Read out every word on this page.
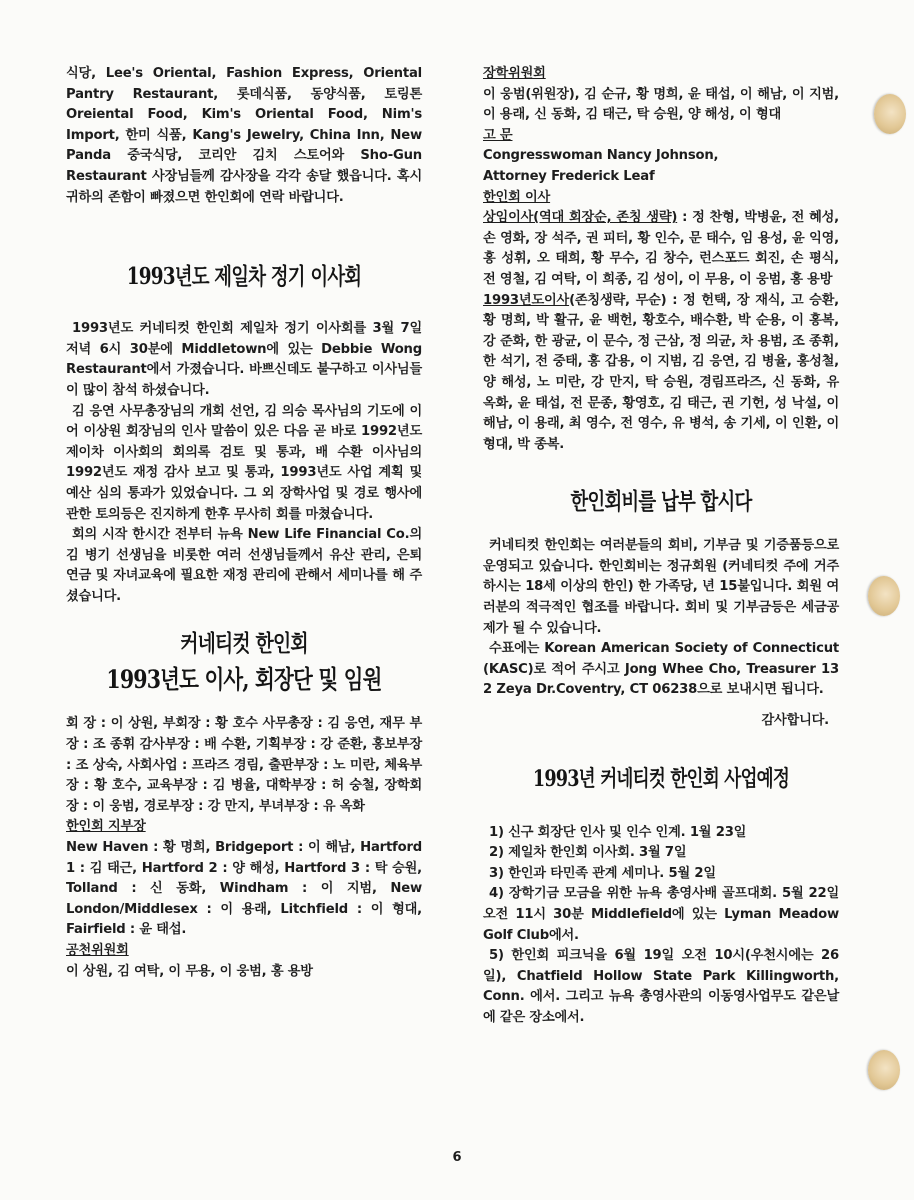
식당, Lee's Oriental, Fashion Express, Oriental Pantry Restaurant, 롯데식품, 동양식품, 토링톤 Oreiental Food, Kim's Oriental Food, Nim's Import, 한미 식품, Kang's Jewelry, China Inn, New Panda 중국식당, 코리안 김치 스토어와 Sho-Gun Restaurant 사장님들께 감사장을 각각 송달 했읍니다. 혹시 귀하의 존함이 빠졌으면 한인회에 연락 바랍니다.

1993년도 제일차 정기 이사회

1993년도 커네티컷 한인회 제일차 정기 이사회를 3월 7일 저녁 6시 30분에 Middletown에 있는 Debbie Wong Restaurant에서 가졌습니다. 바쁘신데도 불구하고 이사님들이 많이 참석 하셨습니다.

김 응연 사무총장님의 개회 선언, 김 의승 목사님의 기도에 이어 이상원 회장님의 인사 말씀이 있은 다음 곧 바로 1992년도 제이차 이사회의 회의록 검토 및 통과, 배 수환 이사님의 1992년도 재정 감사 보고 및 통과, 1993년도 사업 계획 및 예산 심의 통과가 있었습니다. 그 외 장학사업 및 경로 행사에 관한 토의등은 진지하게 한후 무사히 회를 마쳤습니다.

회의 시작 한시간 전부터 뉴욕 New Life Financial Co.의 김 병기 선생님을 비롯한 여러 선생님들께서 유산 관리, 은퇴 연금 및 자녀교육에 필요한 재정 관리에 관해서 세미나를 해 주셨습니다.

커네티컷 한인회
1993년도 이사, 회장단 및 임원

회 장 : 이 상원, 부회장 : 황 호수 사무총장 : 김 응연, 재무 부장 : 조 종휘 감사부장 : 배 수환, 기획부장 : 강 준환, 홍보부장 : 조 상숙, 사회사업 : 프라즈 경림, 출판부장 : 노 미란, 체육부장 : 황 호수, 교육부장 : 김 병율, 대학부장 : 허 숭철, 장학회장 : 이 웅범, 경로부장 : 강 만지, 부녀부장 : 유 옥화

한인회 지부장

New Haven : 황 명희, Bridgeport : 이 해남, Hartford 1 : 김 태근, Hartford 2 : 양 해성, Hartford 3 : 탁 승원, Tolland : 신 동화, Windham : 이 지범, New London/Middlesex : 이 용래, Litchfield : 이 형대, Fairfield : 윤 태섭.

공천위원회

이 상원, 김 여탁, 이 무용, 이 웅범, 홍 용방

장학위원회

이 웅범(위원장), 김 순규, 황 명희, 윤 태섭, 이 해남, 이 지범, 이 용래, 신 동화, 김 태근, 탁 승원, 양 해성, 이 형대

고 문

Congresswoman Nancy Johnson,

Attorney Frederick Leaf

한인회 이사

상임이사(역대 회장순, 존칭 생략) : 정 찬형, 박병윤, 전 혜성, 손 영화, 장 석주, 권 피터, 황 인수, 문 태수, 임 용성, 윤 익영, 홍 성휘, 오 태희, 황 무수, 김 창수, 런스포드 회진, 손 평식, 전 영철, 김 여탁, 이 희종, 김 성이, 이 무용, 이 웅범, 홍 용방

1993년도이사(존칭생략, 무순) : 정 헌택, 장 재식, 고 승환, 황 명희, 박 활규, 윤 백헌, 황호수, 배수환, 박 순용, 이 홍복, 강 준화, 한 광균, 이 문수, 정 근삼, 정 의균, 차 용범, 조 종휘, 한 석기, 전 중태, 홍 갑용, 이 지범, 김 응연, 김 병율, 홍성철, 양 해성, 노 미란, 강 만지, 탁 승원, 경림프라즈, 신 동화, 유 옥화, 윤 태섭, 전 문종, 황영호, 김 태근, 권 기헌, 성 낙설, 이 해남, 이 용래, 최 영수, 전 영수, 유 병석, 송 기세, 이 인환, 이 형대, 박 종복.

한인회비를 납부 합시다

커네티컷 한인회는 여러분들의 회비, 기부금 및 기증품등으로 운영되고 있습니다. 한인회비는 정규회원 (커네티컷 주에 거주 하시는 18세 이상의 한인) 한 가족당, 년 15불입니다. 회원 여러분의 적극적인 협조를 바랍니다. 회비 및 기부금등은 세금공제가 될 수 있습니다.

수표에는 Korean American Society of Connecticut (KASC)로 적어 주시고 Jong Whee Cho, Treasurer 13 2 Zeya Dr.Coventry, CT 06238으로 보내시면 됩니다.

감사합니다.

1993년 커네티컷 한인회 사업예정

1) 신구 회장단 인사 및 인수 인계. 1월 23일

2) 제일차 한인회 이사회. 3월 7일

3) 한인과 타민족 관계 세미나. 5월 2일

4) 장학기금 모금을 위한 뉴욕 총영사배 골프대회. 5월 22일 오전 11시 30분 Middlefield에 있는 Lyman Meadow Golf Club에서.

5) 한인회 피크닉을 6월 19일 오전 10시(우천시에는 26일), Chatfield Hollow State Park Killingworth, Conn. 에서. 그리고 뉴욕 총영사관의 이동영사업무도 같은날에 같은 장소에서.

6
